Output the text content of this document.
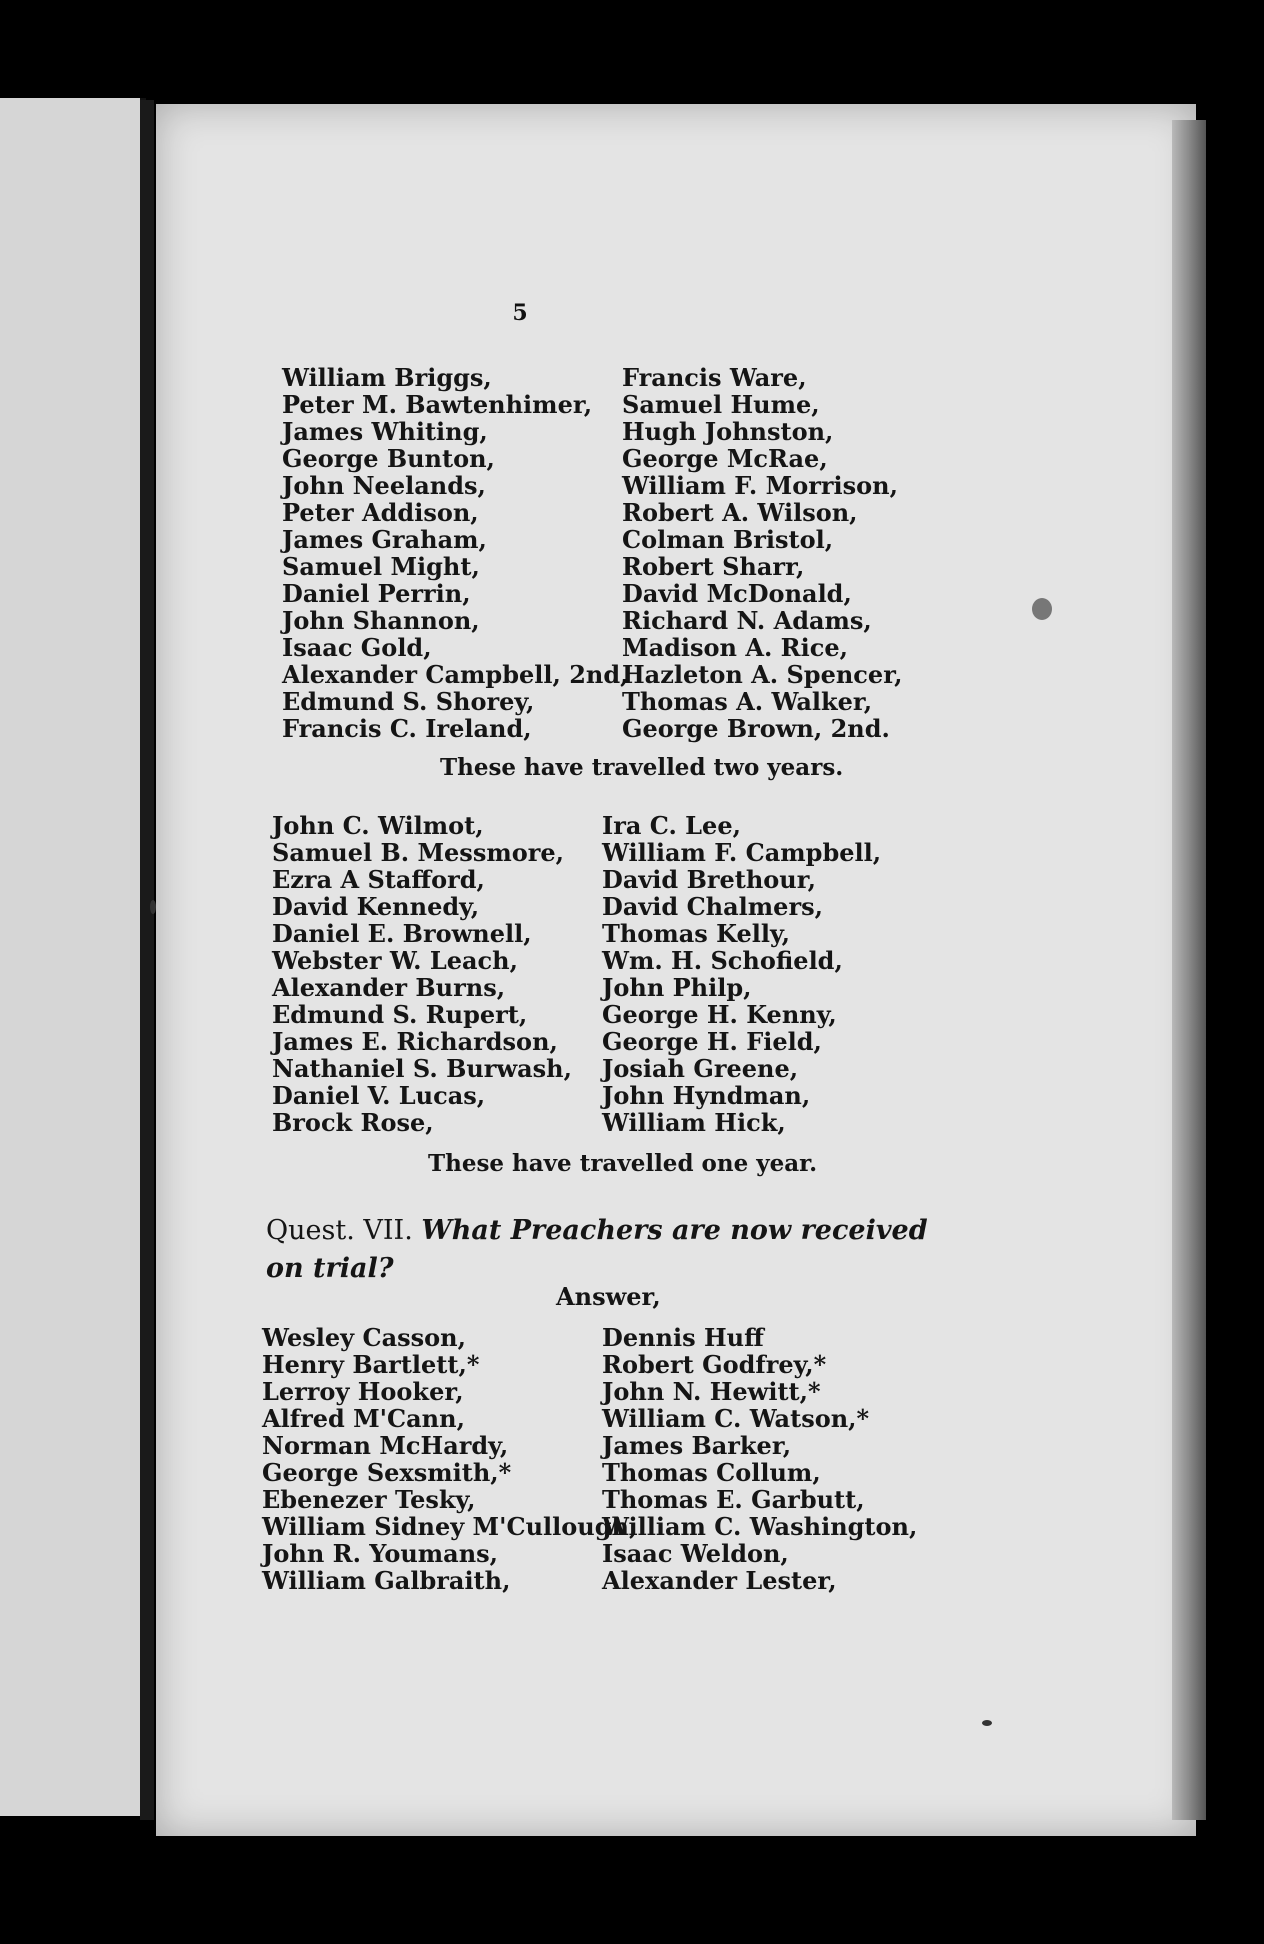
5
William Briggs,
Peter M. Bawtenhimer,
James Whiting,
George Bunton,
John Neelands,
Peter Addison,
James Graham,
Samuel Might,
Daniel Perrin,
John Shannon,
Isaac Gold,
Alexander Campbell, 2nd,
Edmund S. Shorey,
Francis C. Ireland,
Francis Ware,
Samuel Hume,
Hugh Johnston,
George McRae,
William F. Morrison,
Robert A. Wilson,
Colman Bristol,
Robert Sharr,
David McDonald,
Richard N. Adams,
Madison A. Rice,
Hazleton A. Spencer,
Thomas A. Walker,
George Brown, 2nd.
These have travelled two years.
John C. Wilmot,
Samuel B. Messmore,
Ezra A Stafford,
David Kennedy,
Daniel E. Brownell,
Webster W. Leach,
Alexander Burns,
Edmund S. Rupert,
James E. Richardson,
Nathaniel S. Burwash,
Daniel V. Lucas,
Brock Rose,
Ira C. Lee,
William F. Campbell,
David Brethour,
David Chalmers,
Thomas Kelly,
Wm. H. Schofield,
John Philp,
George H. Kenny,
George H. Field,
Josiah Greene,
John Hyndman,
William Hick,
These have travelled one year.
Quest. VII. What Preachers are now received on trial?
Answer,
Wesley Casson,
Henry Bartlett,*
Lerroy Hooker,
Alfred M'Cann,
Norman McHardy,
George Sexsmith,*
Ebenezer Tesky,
William Sidney M'Cullough,
John R. Youmans,
William Galbraith,
Dennis Huff
Robert Godfrey,*
John N. Hewitt,*
William C. Watson,*
James Barker,
Thomas Collum,
Thomas E. Garbutt,
William C. Washington,
Isaac Weldon,
Alexander Lester,
